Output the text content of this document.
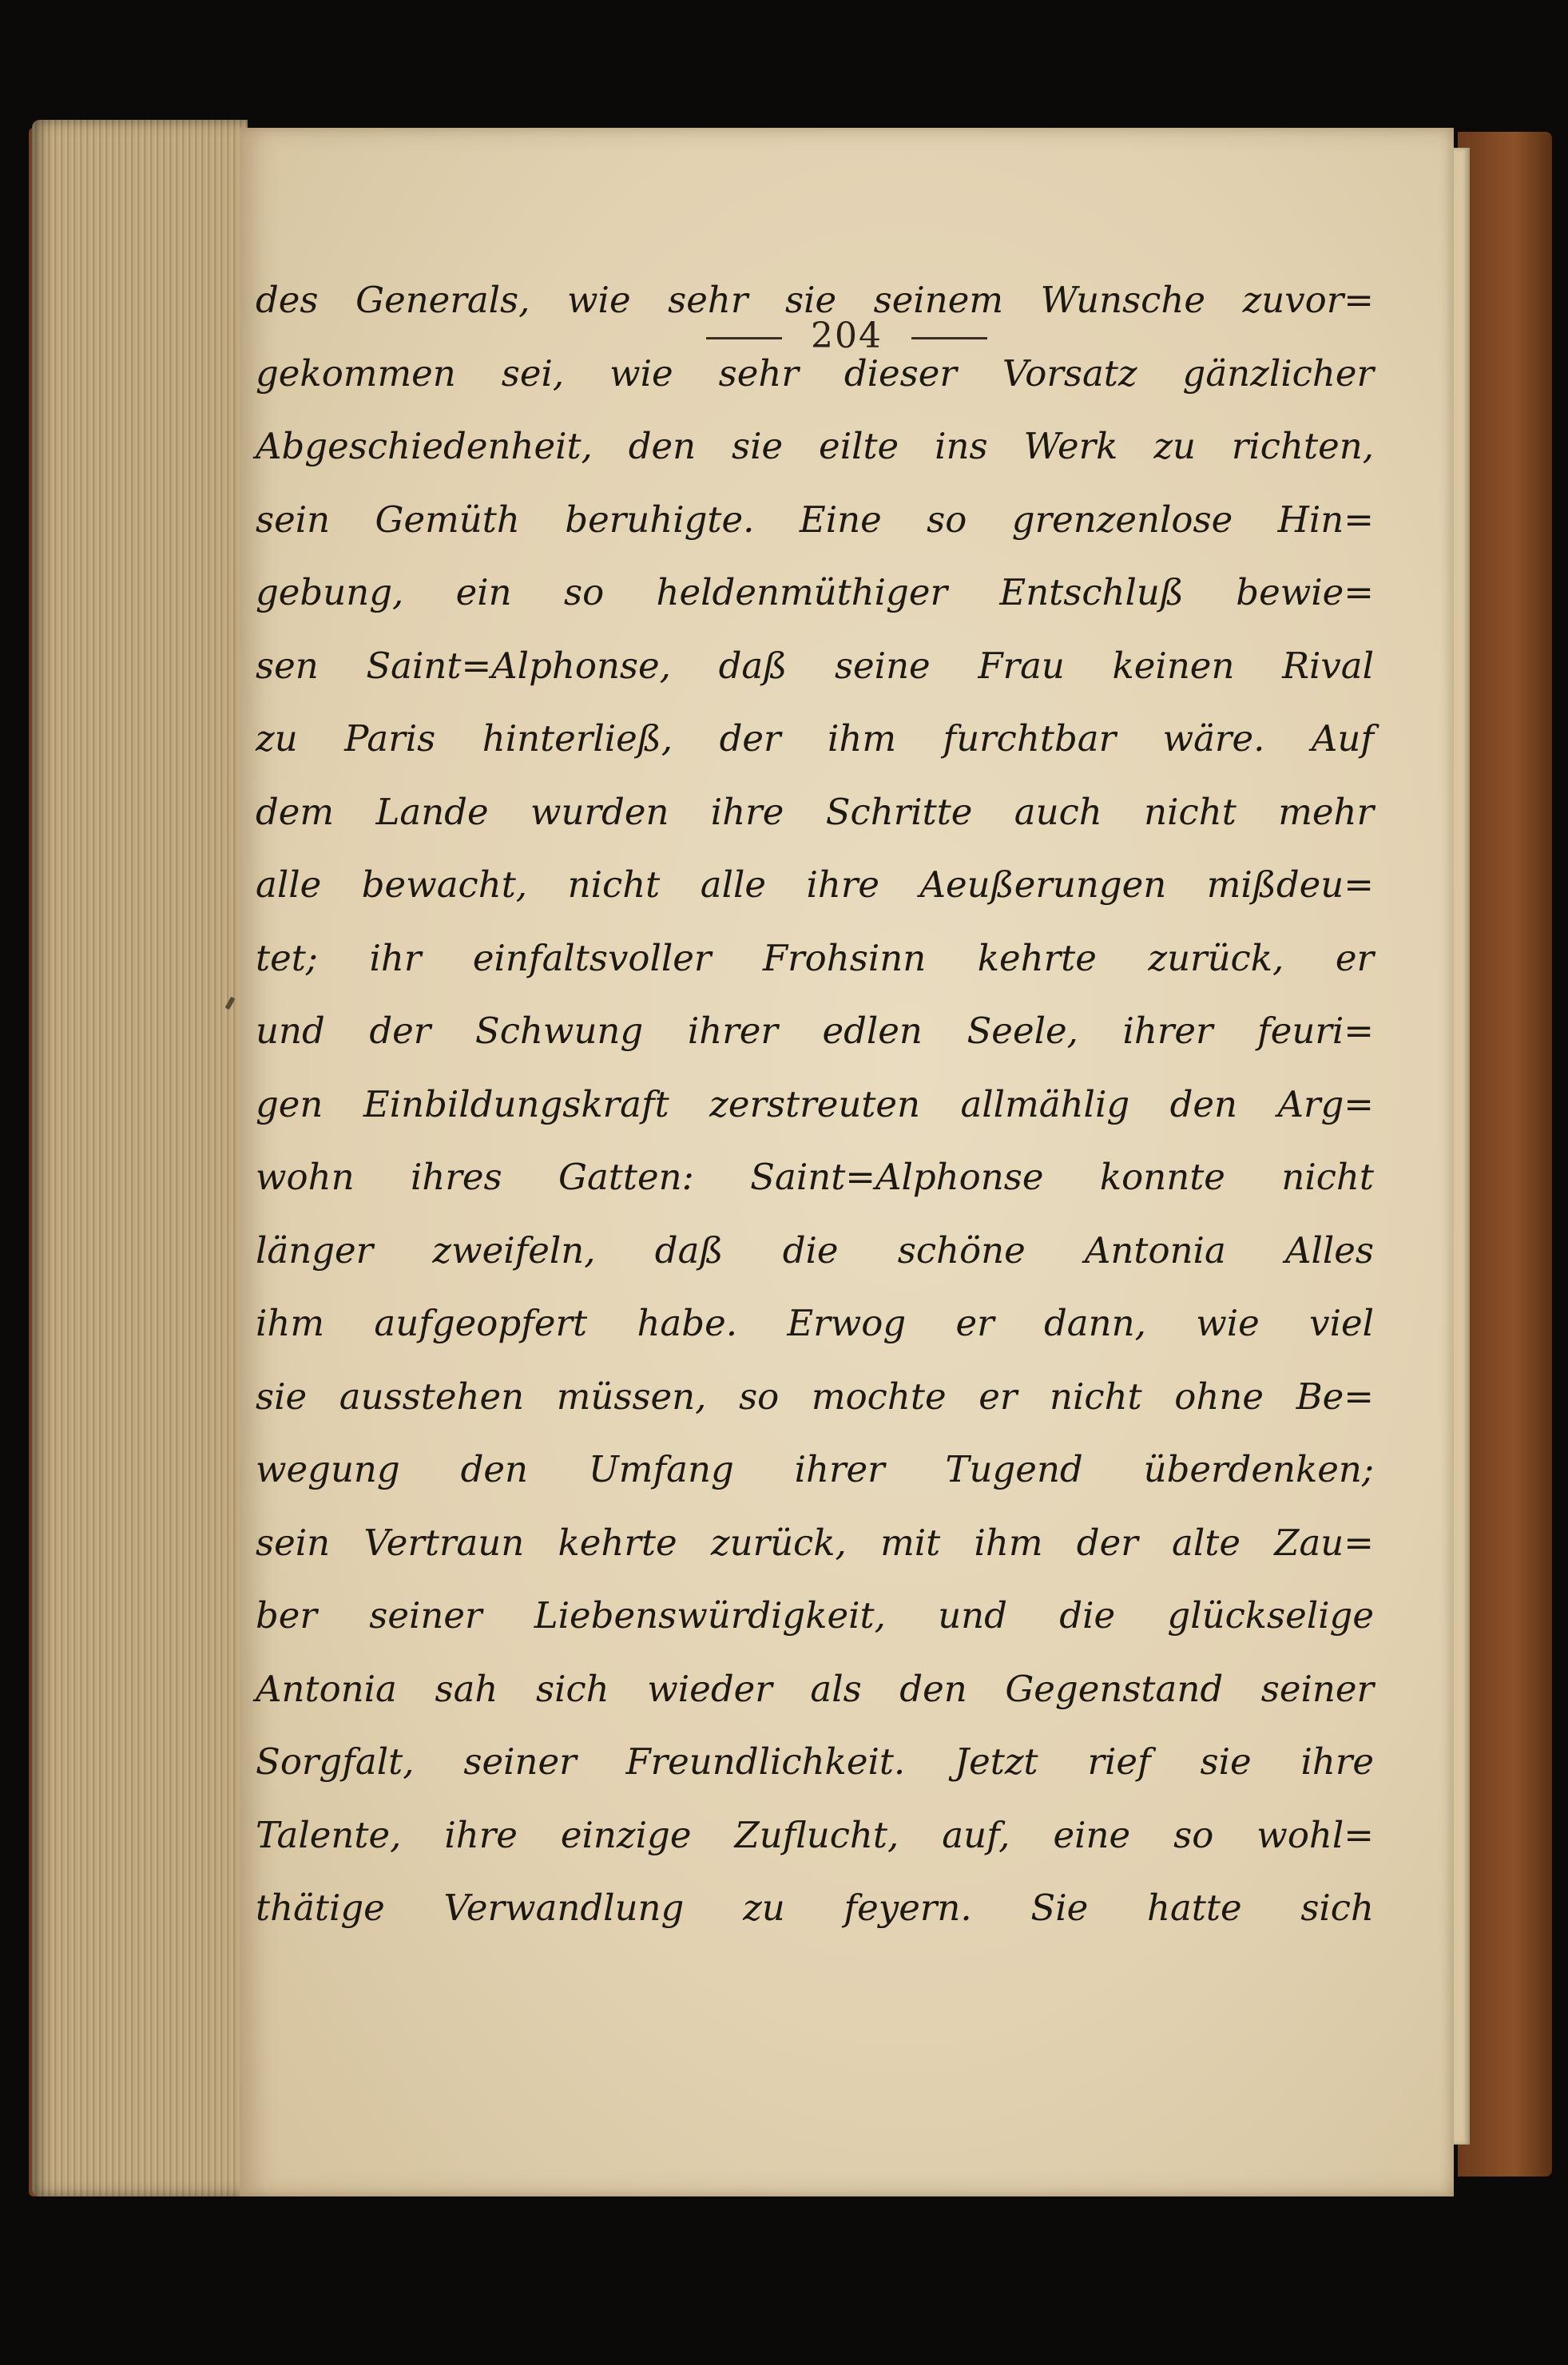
204
des Generals, wie sehr sie seinem Wunsche zuvor=
gekommen sei, wie sehr dieser Vorsatz gänzlicher
Abgeschiedenheit, den sie eilte ins Werk zu richten,
sein Gemüth beruhigte. Eine so grenzenlose Hin=
gebung, ein so heldenmüthiger Entschluß bewie=
sen Saint=Alphonse, daß seine Frau keinen Rival
zu Paris hinterließ, der ihm furchtbar wäre. Auf
dem Lande wurden ihre Schritte auch nicht mehr
alle bewacht, nicht alle ihre Aeußerungen mißdeu=
tet; ihr einfaltsvoller Frohsinn kehrte zurück, er
und der Schwung ihrer edlen Seele, ihrer feuri=
gen Einbildungskraft zerstreuten allmählig den Arg=
wohn ihres Gatten: Saint=Alphonse konnte nicht
länger zweifeln, daß die schöne Antonia Alles
ihm aufgeopfert habe. Erwog er dann, wie viel
sie ausstehen müssen, so mochte er nicht ohne Be=
wegung den Umfang ihrer Tugend überdenken;
sein Vertraun kehrte zurück, mit ihm der alte Zau=
ber seiner Liebenswürdigkeit, und die glückselige
Antonia sah sich wieder als den Gegenstand seiner
Sorgfalt, seiner Freundlichkeit. Jetzt rief sie ihre
Talente, ihre einzige Zuflucht, auf, eine so wohl=
thätige Verwandlung zu feyern. Sie hatte sich
